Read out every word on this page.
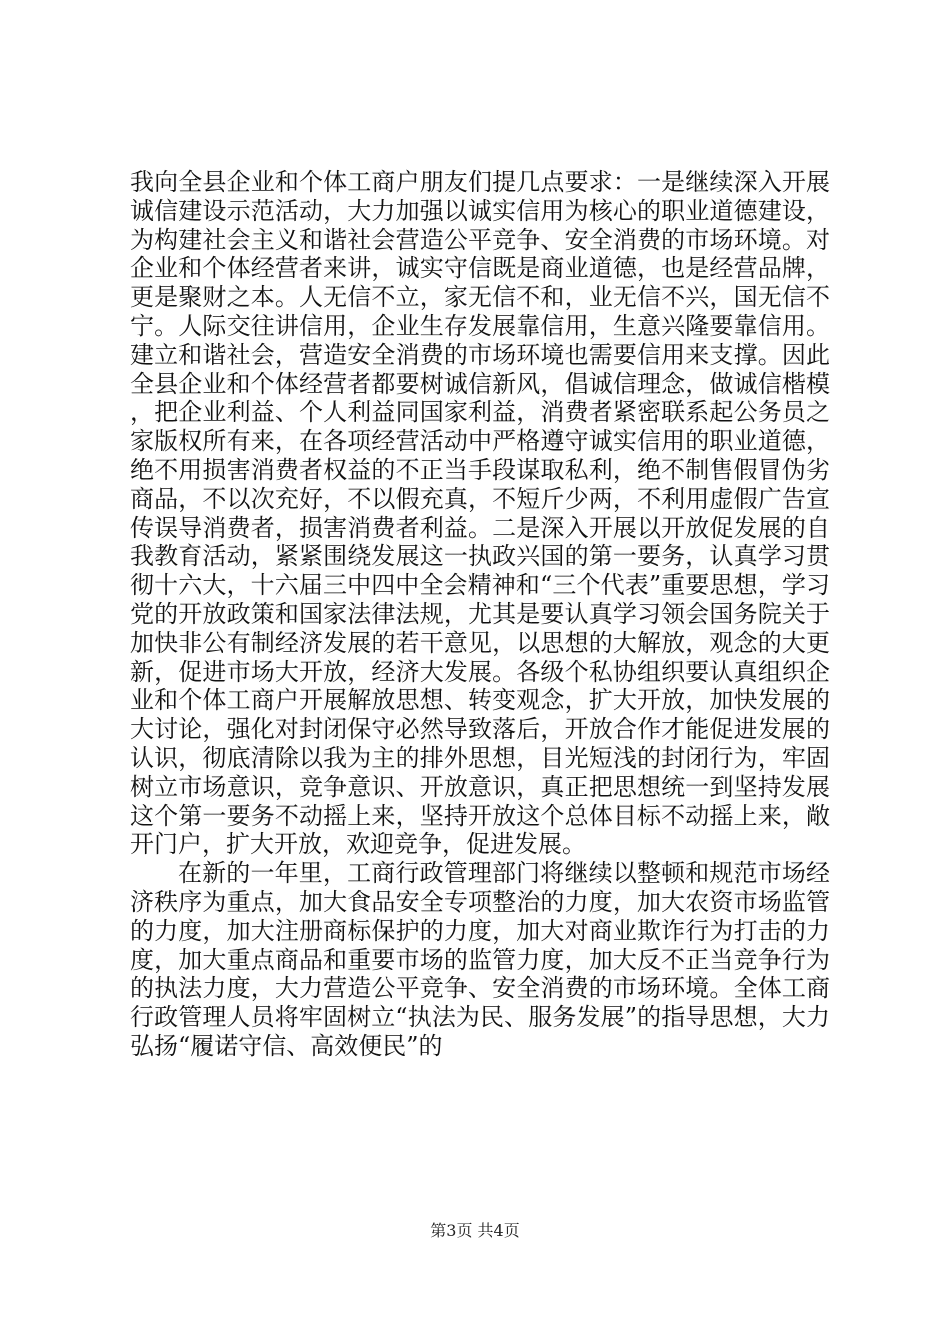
我向全县企业和个体工商户朋友们提几点要求：一是继续深入开展诚信建设示范活动，大力加强以诚实信用为核心的职业道德建设，为构建社会主义和谐社会营造公平竞争、安全消费的市场环境。对企业和个体经营者来讲，诚实守信既是商业道德，也是经营品牌，更是聚财之本。人无信不立，家无信不和，业无信不兴，国无信不宁。人际交往讲信用，企业生存发展靠信用，生意兴隆要靠信用。建立和谐社会，营造安全消费的市场环境也需要信用来支撑。因此全县企业和个体经营者都要树诚信新风，倡诚信理念，做诚信楷模，把企业利益、个人利益同国家利益，消费者紧密联系起公务员之家版权所有来，在各项经营活动中严格遵守诚实信用的职业道德，绝不用损害消费者权益的不正当手段谋取私利，绝不制售假冒伪劣商品，不以次充好，不以假充真，不短斤少两，不利用虚假广告宣传误导消费者，损害消费者利益。二是深入开展以开放促发展的自我教育活动，紧紧围绕发展这一执政兴国的第一要务，认真学习贯彻十六大，十六届三中四中全会精神和“三个代表”重要思想，学习党的开放政策和国家法律法规，尤其是要认真学习领会国务院关于加快非公有制经济发展的若干意见，以思想的大解放，观念的大更新，促进市场大开放，经济大发展。各级个私协组织要认真组织企业和个体工商户开展解放思想、转变观念，扩大开放，加快发展的大讨论，强化对封闭保守必然导致落后，开放合作才能促进发展的认识，彻底清除以我为主的排外思想，目光短浅的封闭行为，牢固树立市场意识，竞争意识、开放意识，真正把思想统一到坚持发展这个第一要务不动摇上来，坚持开放这个总体目标不动摇上来，敞开门户，扩大开放，欢迎竞争，促进发展。

在新的一年里，工商行政管理部门将继续以整顿和规范市场经济秩序为重点，加大食品安全专项整治的力度，加大农资市场监管的力度，加大注册商标保护的力度，加大对商业欺诈行为打击的力度，加大重点商品和重要市场的监管力度，加大反不正当竞争行为的执法力度，大力营造公平竞争、安全消费的市场环境。全体工商行政管理人员将牢固树立“执法为民、服务发展”的指导思想，大力弘扬“履诺守信、高效便民”的

第3页 共4页
